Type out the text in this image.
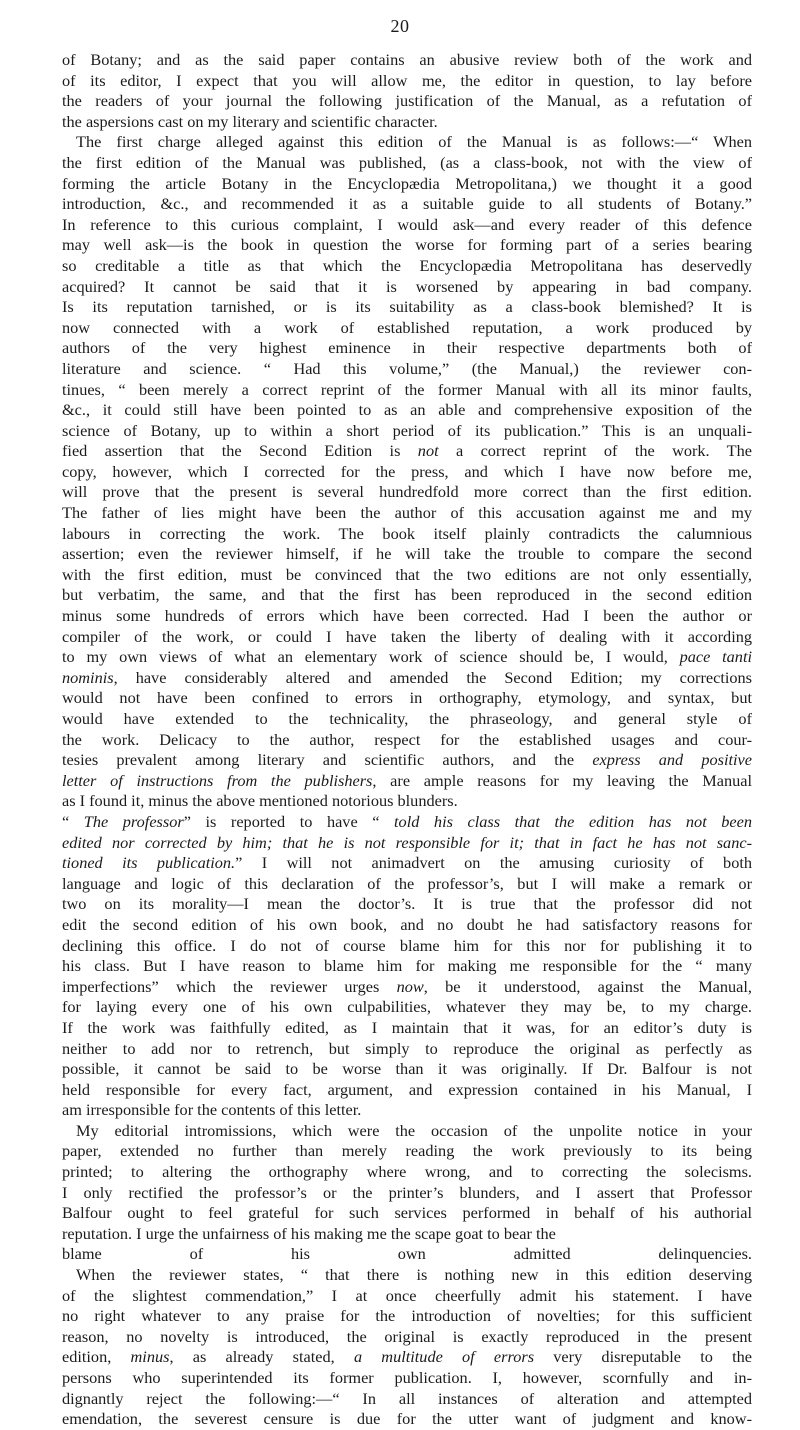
20
of Botany; and as the said paper contains an abusive review both of the work and
of its editor, I expect that you will allow me, the editor in question, to lay before
the readers of your journal the following justification of the Manual, as a refutation of
the aspersions cast on my literary and scientific character.
The first charge alleged against this edition of the Manual is as follows:—“ When
the first edition of the Manual was published, (as a class-book, not with the view of
forming the article Botany in the Encyclopædia Metropolitana,) we thought it a good
introduction, &c., and recommended it as a suitable guide to all students of Botany.”
In reference to this curious complaint, I would ask—and every reader of this defence
may well ask—is the book in question the worse for forming part of a series bearing
so creditable a title as that which the Encyclopædia Metropolitana has deservedly
acquired? It cannot be said that it is worsened by appearing in bad company.
Is its reputation tarnished, or is its suitability as a class-book blemished? It is
now connected with a work of established reputation, a work produced by
authors of the very highest eminence in their respective departments both of
literature and science. “ Had this volume,” (the Manual,) the reviewer con-
tinues, “ been merely a correct reprint of the former Manual with all its minor faults,
&c., it could still have been pointed to as an able and comprehensive exposition of the
science of Botany, up to within a short period of its publication.” This is an unquali-
fied assertion that the Second Edition is not a correct reprint of the work. The
copy, however, which I corrected for the press, and which I have now before me,
will prove that the present is several hundredfold more correct than the first edition.
The father of lies might have been the author of this accusation against me and my
labours in correcting the work. The book itself plainly contradicts the calumnious
assertion; even the reviewer himself, if he will take the trouble to compare the second
with the first edition, must be convinced that the two editions are not only essentially,
but verbatim, the same, and that the first has been reproduced in the second edition
minus some hundreds of errors which have been corrected. Had I been the author or
compiler of the work, or could I have taken the liberty of dealing with it according
to my own views of what an elementary work of science should be, I would, pace tanti
nominis, have considerably altered and amended the Second Edition; my corrections
would not have been confined to errors in orthography, etymology, and syntax, but
would have extended to the technicality, the phraseology, and general style of
the work. Delicacy to the author, respect for the established usages and cour-
tesies prevalent among literary and scientific authors, and the express and positive
letter of instructions from the publishers, are ample reasons for my leaving the Manual
as I found it, minus the above mentioned notorious blunders.
“ The professor” is reported to have “ told his class that the edition has not been
edited nor corrected by him; that he is not responsible for it; that in fact he has not sanc-
tioned its publication.” I will not animadvert on the amusing curiosity of both
language and logic of this declaration of the professor’s, but I will make a remark or
two on its morality—I mean the doctor’s. It is true that the professor did not
edit the second edition of his own book, and no doubt he had satisfactory reasons for
declining this office. I do not of course blame him for this nor for publishing it to
his class. But I have reason to blame him for making me responsible for the “ many
imperfections” which the reviewer urges now, be it understood, against the Manual,
for laying every one of his own culpabilities, whatever they may be, to my charge.
If the work was faithfully edited, as I maintain that it was, for an editor’s duty is
neither to add nor to retrench, but simply to reproduce the original as perfectly as
possible, it cannot be said to be worse than it was originally. If Dr. Balfour is not
held responsible for every fact, argument, and expression contained in his Manual, I
am irresponsible for the contents of this letter.
My editorial intromissions, which were the occasion of the unpolite notice in your
paper, extended no further than merely reading the work previously to its being
printed; to altering the orthography where wrong, and to correcting the solecisms.
I only rectified the professor’s or the printer’s blunders, and I assert that Professor
Balfour ought to feel grateful for such services performed in behalf of his authorial
reputation. I urge the unfairness of his making me the scape goat to bear the
blame of his own admitted delinquencies.
When the reviewer states, “ that there is nothing new in this edition deserving
of the slightest commendation,” I at once cheerfully admit his statement. I have
no right whatever to any praise for the introduction of novelties; for this sufficient
reason, no novelty is introduced, the original is exactly reproduced in the present
edition, minus, as already stated, a multitude of errors very disreputable to the
persons who superintended its former publication. I, however, scornfully and in-
dignantly reject the following:—“ In all instances of alteration and attempted
emendation, the severest censure is due for the utter want of judgment and know-
